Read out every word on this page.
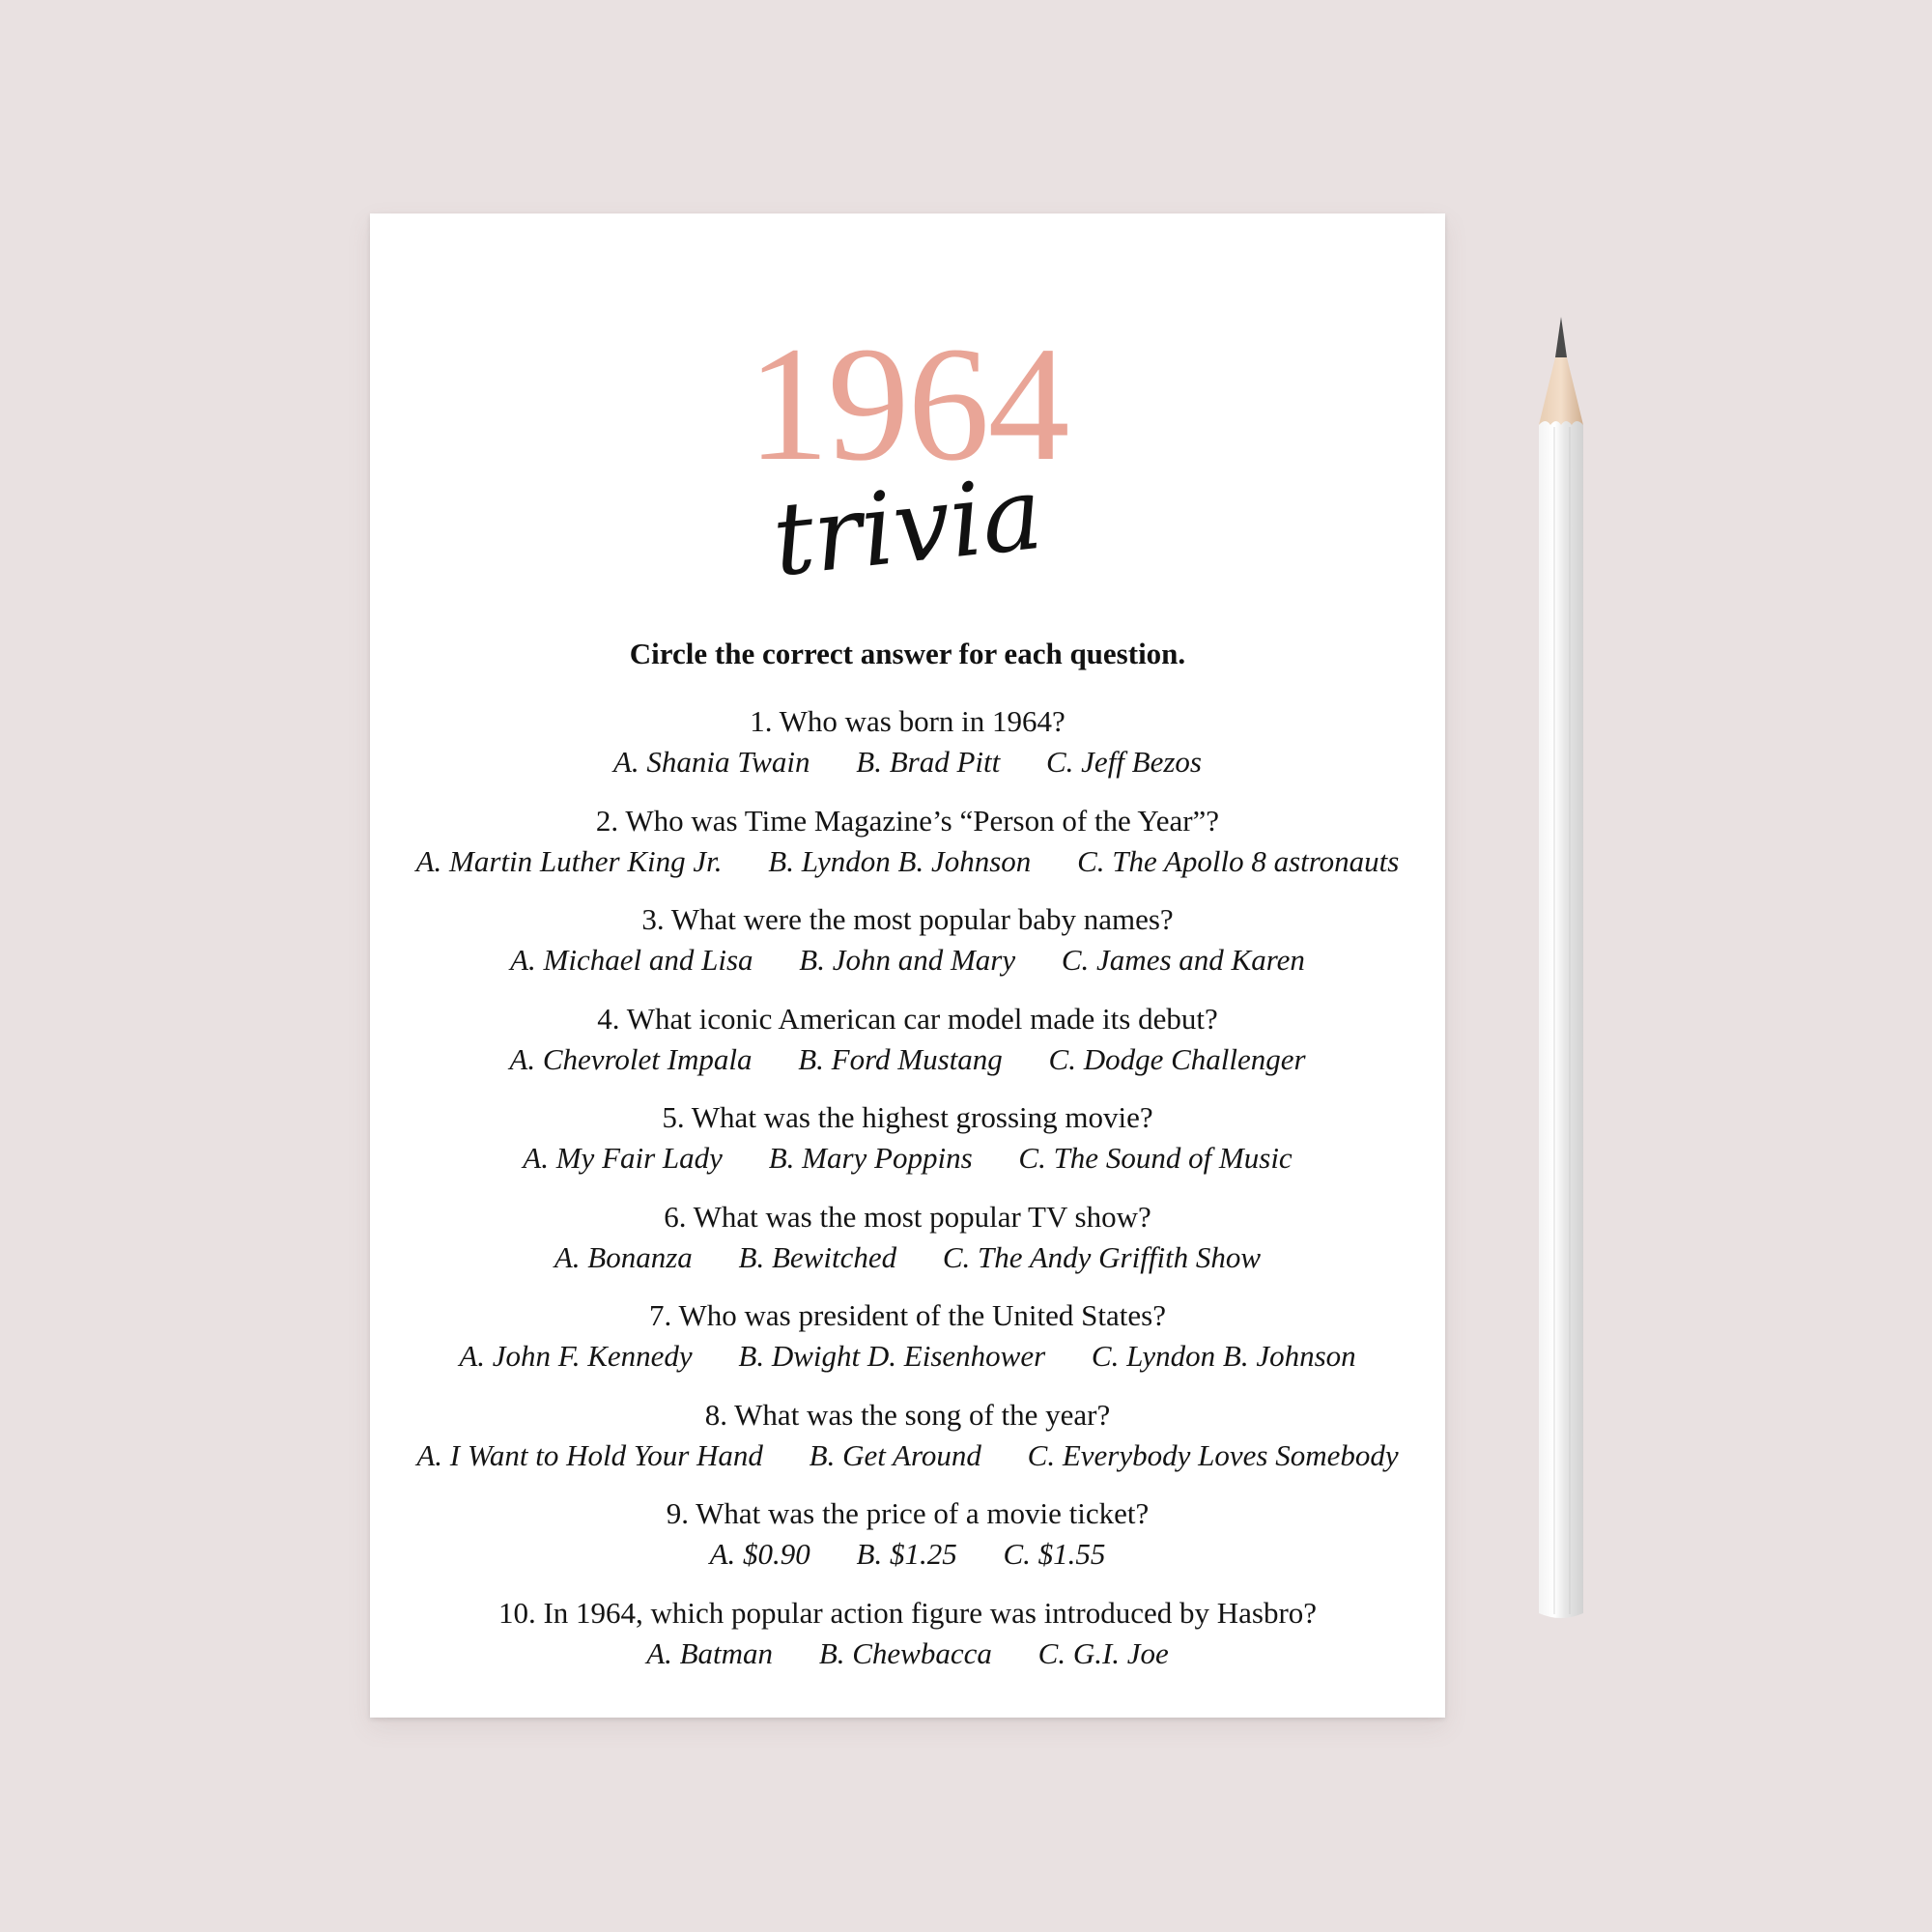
1964
trivia
Circle the correct answer for each question.
1. Who was born in 1964?
A. Shania Twain B. Brad Pitt C. Jeff Bezos
2. Who was Time Magazine’s “Person of the Year”?
A. Martin Luther King Jr. B. Lyndon B. Johnson C. The Apollo 8 astronauts
3. What were the most popular baby names?
A. Michael and Lisa B. John and Mary C. James and Karen
4. What iconic American car model made its debut?
A. Chevrolet Impala B. Ford Mustang C. Dodge Challenger
5. What was the highest grossing movie?
A. My Fair Lady B. Mary Poppins C. The Sound of Music
6. What was the most popular TV show?
A. Bonanza B. Bewitched C. The Andy Griffith Show
7. Who was president of the United States?
A. John F. Kennedy B. Dwight D. Eisenhower C. Lyndon B. Johnson
8. What was the song of the year?
A. I Want to Hold Your Hand B. Get Around C. Everybody Loves Somebody
9. What was the price of a movie ticket?
A. $0.90 B. $1.25 C. $1.55
10. In 1964, which popular action figure was introduced by Hasbro?
A. Batman B. Chewbacca C. G.I. Joe
